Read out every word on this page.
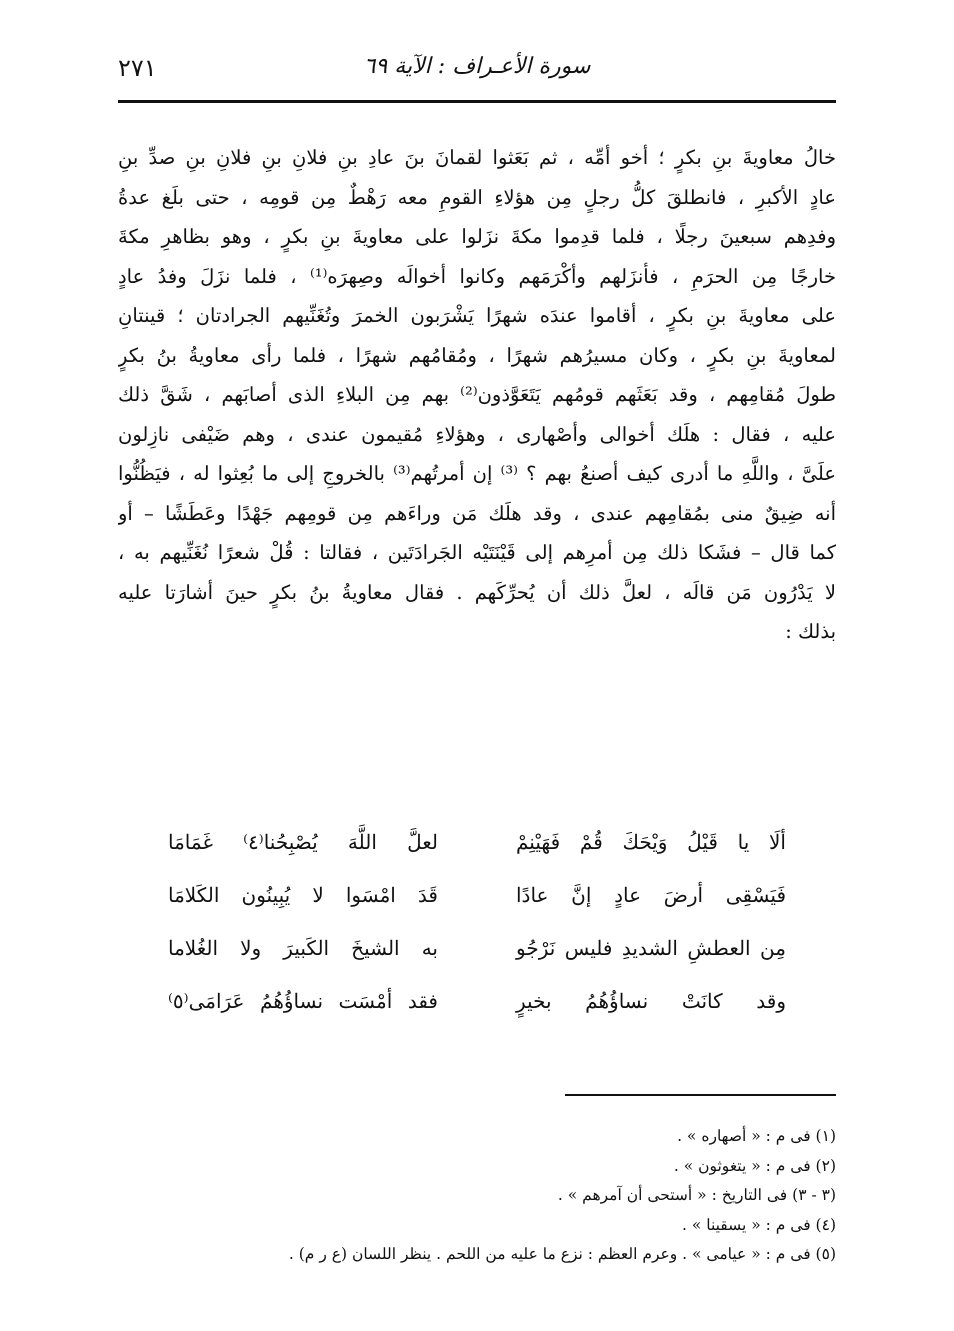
٢٧١	سورة الأعـراف : الآية ٦٩
خالُ معاويةَ بنِ بكرٍ ؛ أخو أمِّه ، ثم بَعَثوا لقمانَ بنَ عادِ بنِ فلانِ بنِ فلانِ بنِ صدِّ بنِ
عادٍ الأكبرِ ، فانطلقَ كلُّ رجلٍ مِن هؤلاءِ القومِ معه رَهْطٌ مِن قومِه ، حتى بلَغ عدةُ
وفدِهم سبعينَ رجلًا ، فلما قدِموا مكةَ نزَلوا على معاويةَ بنِ بكرٍ ، وهو بظاهرِ مكةَ
خارجًا مِن الحرَمِ ، فأنزَلهم وأكْرَمَهم وكانوا أخوالَه وصِهرَه⁽¹⁾ ، فلما نزَلَ وفدُ عادٍ
على معاويةَ بنِ بكرٍ ، أقاموا عندَه شهرًا يَشْرَبون الخمرَ وتُغَنِّيهم الجرادتان ؛ قينتانِ
لمعاويةَ بنِ بكرٍ ، وكان مسيرُهم شهرًا ، ومُقامُهم شهرًا ، فلما رأى معاويةُ بنُ بكرٍ
طولَ مُقامِهم ، وقد بَعَثَهم قومُهم يَتَعَوَّذون⁽²⁾ بهم مِن البلاءِ الذى أصابَهم ، شَقَّ ذلك
عليه ، فقال : هلَك أخوالى وأصْهارى ، وهؤلاءِ مُقيمون عندى ، وهم ضَيْفى نازِلون
علَىَّ ، واللَّهِ ما أدرى كيف أصنعُ بهم ؟ ⁽³⁾ إن أمرتُهم⁽³⁾ بالخروجِ إلى ما بُعِثوا له ، فيَظُنُّوا
أنه ضِيقٌ منى بمُقامِهم عندى ، وقد هلَك مَن وراءَهم مِن قومِهم جَهْدًا وعَطَشًا – أو
كما قال – فشَكا ذلك مِن أمرِهم إلى قَيْنَتَيْه الجَرادَتَين ، فقالتا : قُلْ شعرًا نُغَنِّيهم به ،
لا يَدْرُون مَن قالَه ، لعلَّ ذلك أن يُحرِّكَهم . فقال معاويةُ بنُ بكرٍ حينَ أشارَتا عليه
بذلك :
ألَا يا قَيْلُ وَيْحَكَ قُمْ فَهَيْنِمْ
لعلَّ اللَّهَ يُصْبِحُنا⁽٤⁾ غَمَامَا
فَيَسْقِى أرضَ عادٍ إنَّ عادًا
قَدَ امْسَوا لا يُبِينُون الكَلامَا
مِن العطشِ الشديدِ فليس نَرْجُو
به الشيخَ الكَبيرَ ولا الغُلاما
وقد كانَتْ نساؤُهُمُ بخيرٍ
فقد أمْسَت نساؤُهُمُ عَرَامَى⁽٥⁾
(١) فى م : « أصهاره » .
(٢) فى م : « يتغوثون » .
(٣ - ٣) فى التاريخ : « أستحى أن آمرهم » .
(٤) فى م : « يسقينا » .
(٥) فى م : « عيامى » . وعرم العظم : نزع ما عليه من اللحم . ينظر اللسان (ع ر م) .
